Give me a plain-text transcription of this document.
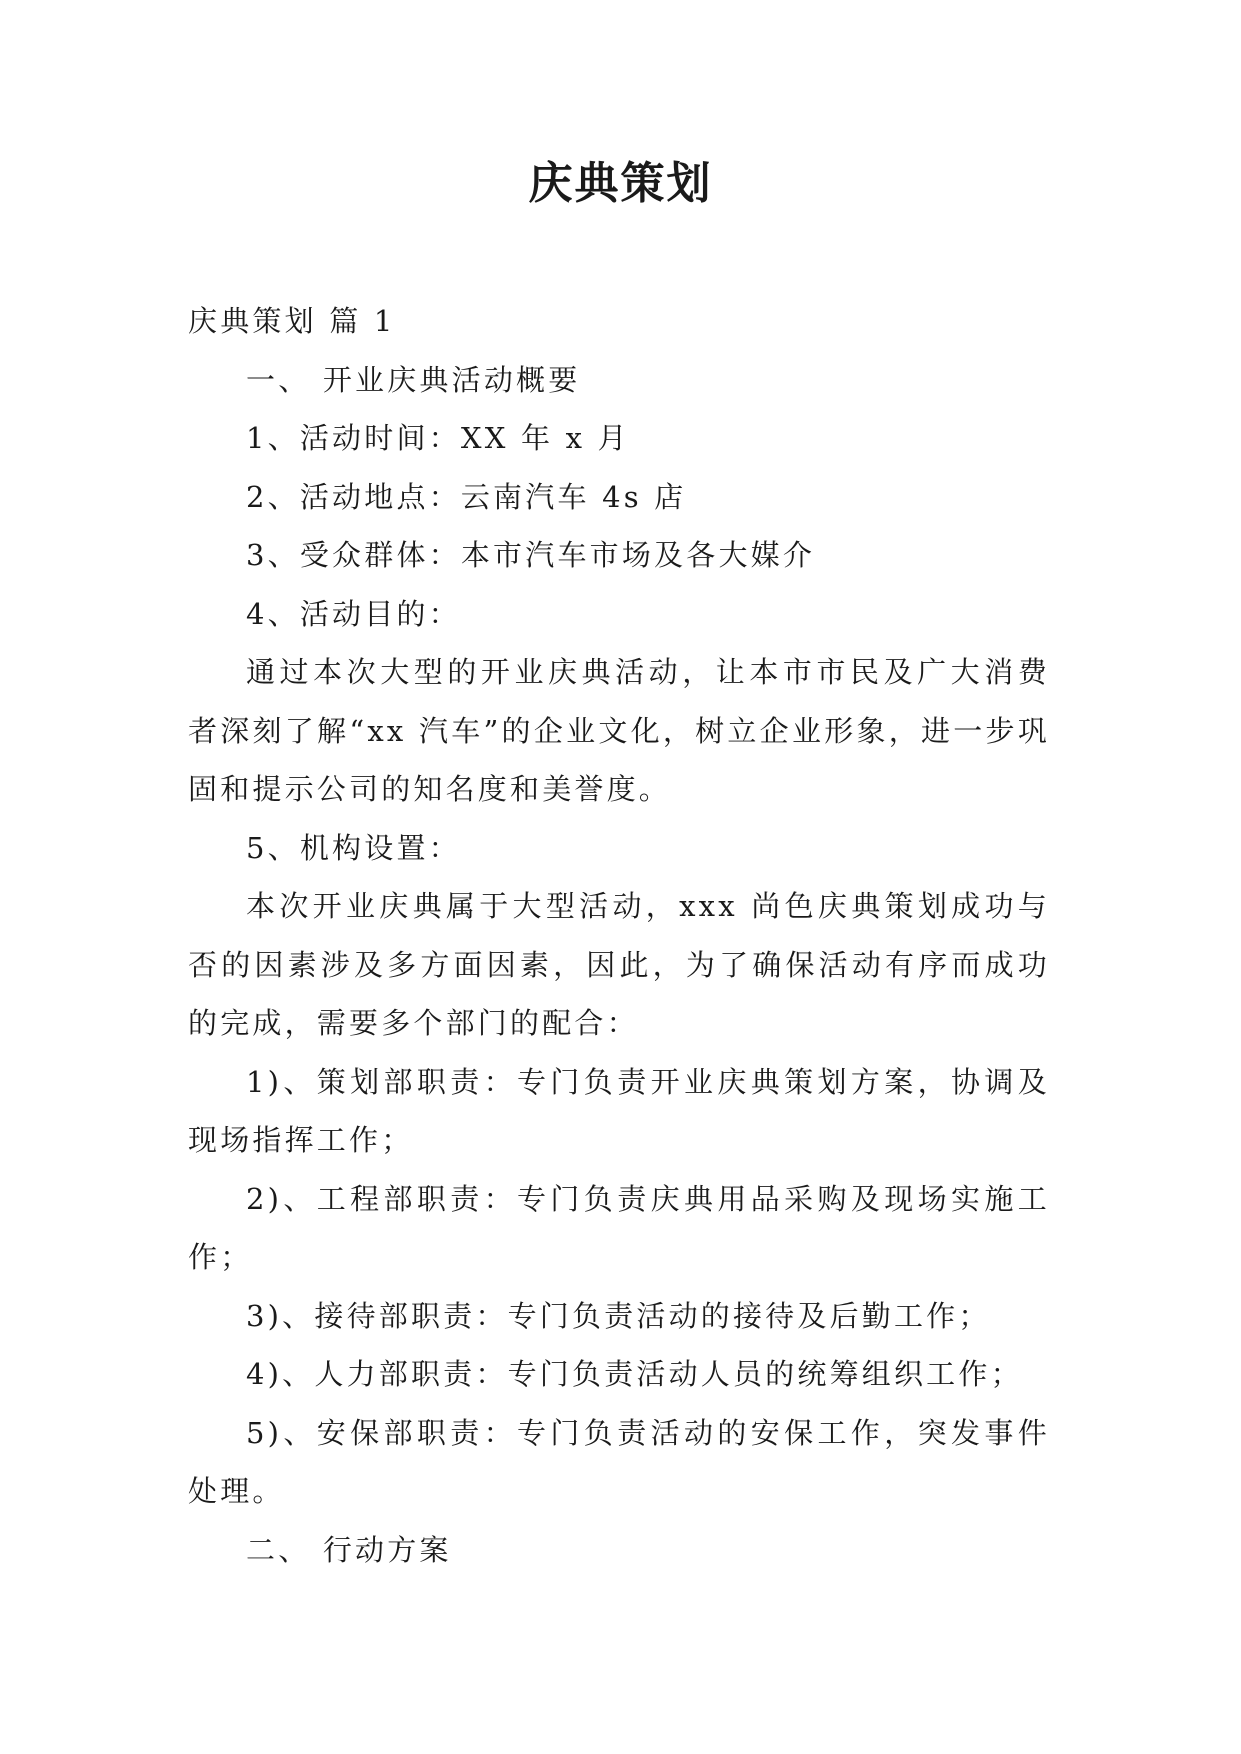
庆典策划

庆典策划 篇 1

一、 开业庆典活动概要

1、活动时间：XX 年 x 月

2、活动地点：云南汽车 4s 店

3、受众群体：本市汽车市场及各大媒介

4、活动目的：

通过本次大型的开业庆典活动，让本市市民及广大消费者深刻了解“xx 汽车”的企业文化，树立企业形象，进一步巩固和提示公司的知名度和美誉度。

5、机构设置：

本次开业庆典属于大型活动，xxx 尚色庆典策划成功与否的因素涉及多方面因素，因此，为了确保活动有序而成功的完成，需要多个部门的配合：

1)、策划部职责：专门负责开业庆典策划方案，协调及现场指挥工作；

2)、工程部职责：专门负责庆典用品采购及现场实施工作；

3)、接待部职责：专门负责活动的接待及后勤工作；

4)、人力部职责：专门负责活动人员的统筹组织工作；

5)、安保部职责：专门负责活动的安保工作，突发事件处理。

二、 行动方案
